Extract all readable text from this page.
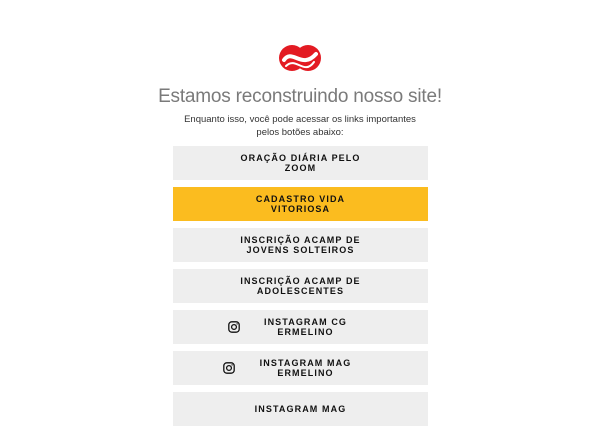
Estamos reconstruindo nosso site!
Enquanto isso, você pode acessar os links importantes pelos botões abaixo:
ORAÇÃO DIÁRIA PELO ZOOM
CADASTRO VIDA VITORIOSA
INSCRIÇÃO ACAMP DE JOVENS SOLTEIROS
INSCRIÇÃO ACAMP DE ADOLESCENTES
INSTAGRAM CG ERMELINO
INSTAGRAM MAG ERMELINO
INSTAGRAM MAG
